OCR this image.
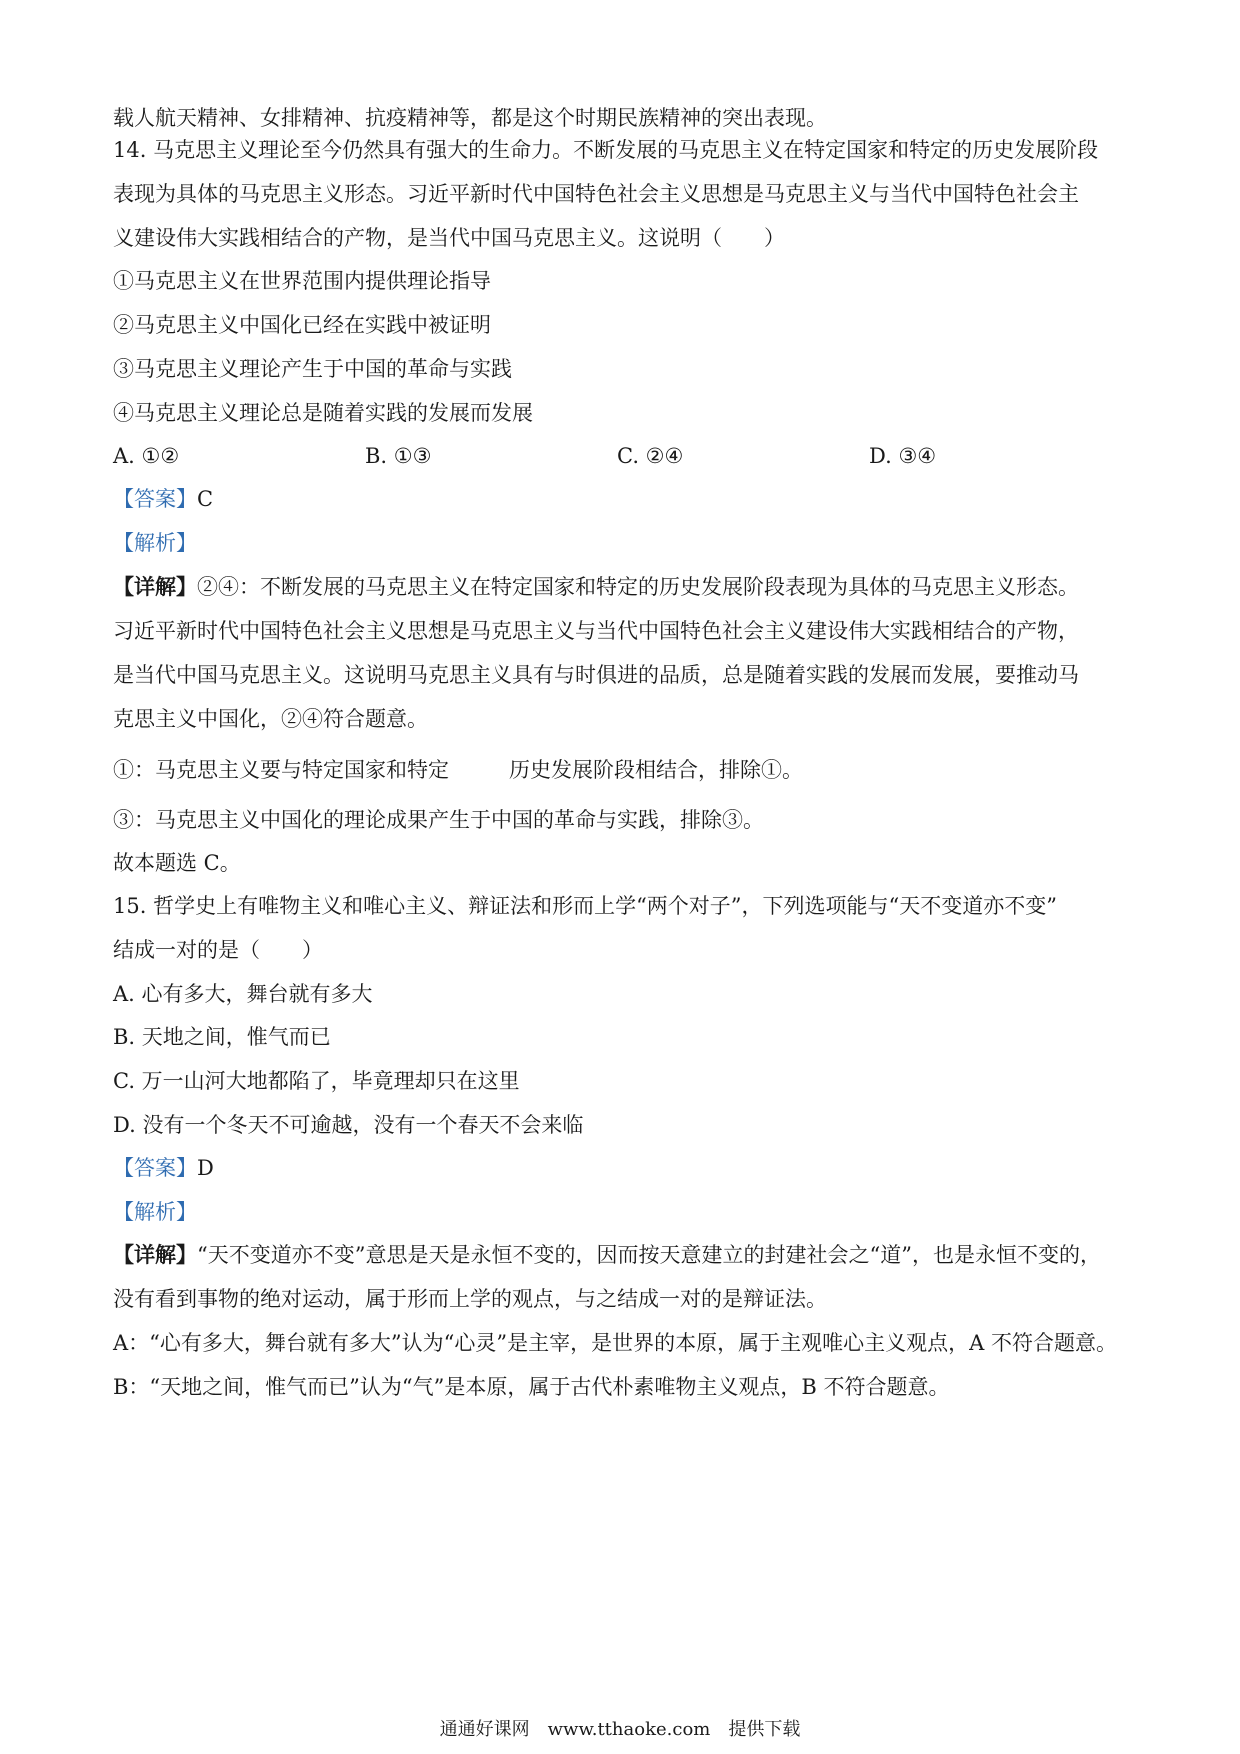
载人航天精神、女排精神、抗疫精神等，都是这个时期民族精神的突出表现。
14. 马克思主义理论至今仍然具有强大的生命力。不断发展的马克思主义在特定国家和特定的历史发展阶段
表现为具体的马克思主义形态。习近平新时代中国特色社会主义思想是马克思主义与当代中国特色社会主
义建设伟大实践相结合的产物，是当代中国马克思主义。这说明（　　）
①马克思主义在世界范围内提供理论指导
②马克思主义中国化已经在实践中被证明
③马克思主义理论产生于中国的革命与实践
④马克思主义理论总是随着实践的发展而发展
A. ①②	B. ①③	C. ②④	D. ③④
【答案】C
【解析】
【详解】②④：不断发展的马克思主义在特定国家和特定的历史发展阶段表现为具体的马克思主义形态。
习近平新时代中国特色社会主义思想是马克思主义与当代中国特色社会主义建设伟大实践相结合的产物，
是当代中国马克思主义。这说明马克思主义具有与时俱进的品质，总是随着实践的发展而发展，要推动马
克思主义中国化，②④符合题意。
①：马克思主义要与特定国家和特定	历史发展阶段相结合，排除①。
③：马克思主义中国化的理论成果产生于中国的革命与实践，排除③。
故本题选 C。
15. 哲学史上有唯物主义和唯心主义、辩证法和形而上学“两个对子”，下列选项能与“天不变道亦不变”
结成一对的是（　　）
A. 心有多大，舞台就有多大
B. 天地之间，惟气而已
C. 万一山河大地都陷了，毕竟理却只在这里
D. 没有一个冬天不可逾越，没有一个春天不会来临
【答案】D
【解析】
【详解】“天不变道亦不变”意思是天是永恒不变的，因而按天意建立的封建社会之“道”，也是永恒不变的，
没有看到事物的绝对运动，属于形而上学的观点，与之结成一对的是辩证法。
A：“心有多大，舞台就有多大”认为“心灵”是主宰，是世界的本原，属于主观唯心主义观点，A 不符合题意。
B：“天地之间，惟气而已”认为“气”是本原，属于古代朴素唯物主义观点，B 不符合题意。
通通好课网　www.tthaoke.com　提供下载
